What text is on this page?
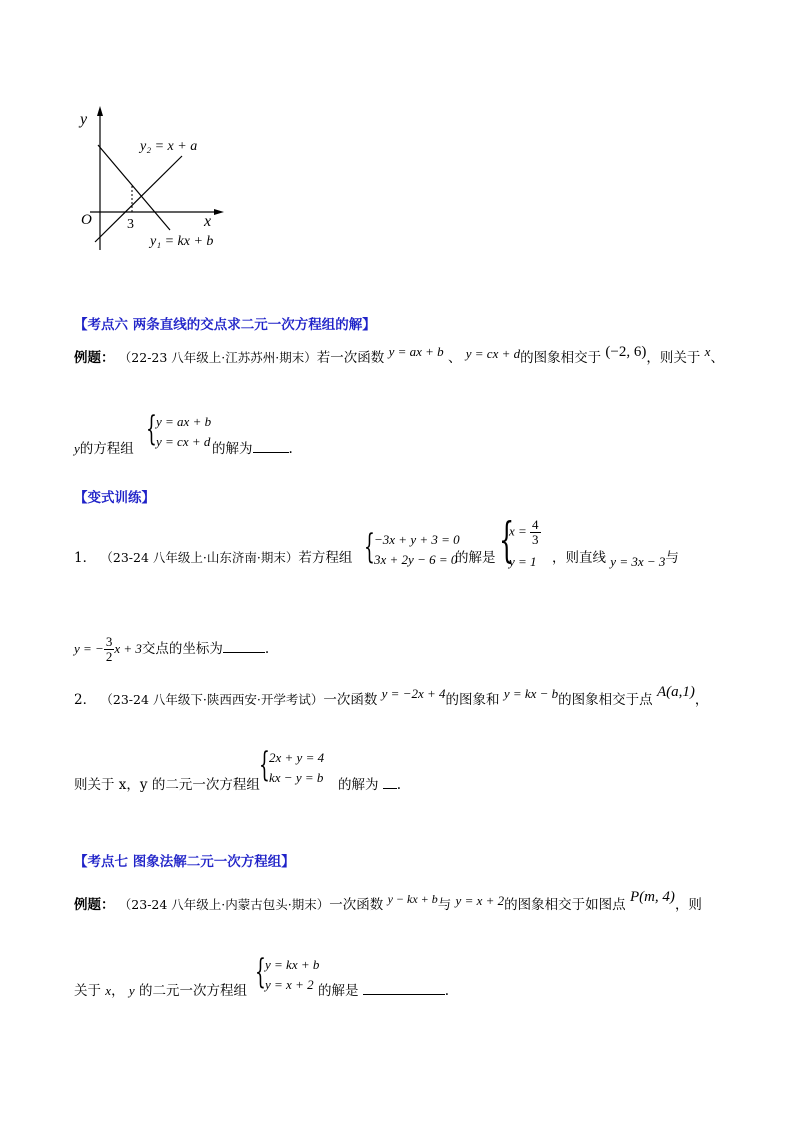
y
x
O	3
y₂ = x + a
y₁ = kx + b
【考点六 两条直线的交点求二元一次方程组的解】
例题： （22-23 八年级上·江苏苏州·期末）若一次函数 y = ax + b 、 y = cx + d的图象相交于 (−2, 6)，则关于 x、
y的方程组 { y = ax + b
y = cx + d 的解为	.
【变式训练】
1． （23-24 八年级上·山东济南·期末）若方程组 { −3x + y + 3 = 0
3x + 2y − 6 = 0
的解是 {
$x = \frac{4}{3}$
y = 1 ，则直线 y = 3x − 3与
y = − $\frac{3}{2}$ x + 3交点的坐标为	.
2． （23-24 八年级下·陕西西安·开学考试）一次函数 y = −2x + 4的图象和 y = kx − b的图象相交于点 A(a,1)，
则关于 x，y 的二元一次方程组 { 2x + y = 4
kx − y = b 的解为 .
【考点七 图象法解二元一次方程组】
例题： （23-24 八年级上·内蒙古包头·期末）一次函数 y − kx + b与 y = x + 2的图象相交于如图点 P(m, 4)，则
关于 x， y 的二元一次方程组 { y = kx + b
y = x + 2 的解是	.
